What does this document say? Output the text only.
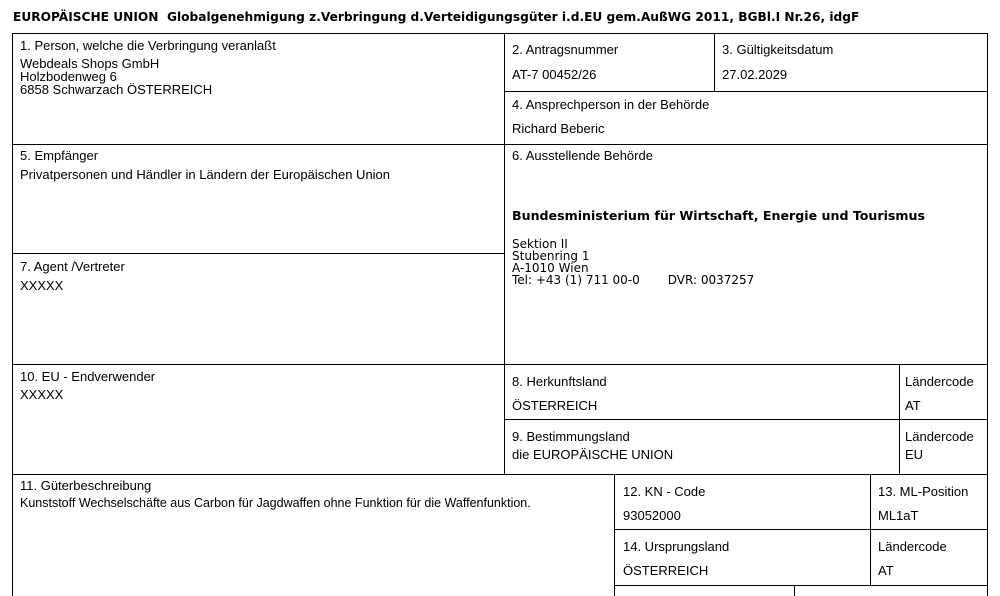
EUROPÄISCHE UNION Globalgenehmigung z.Verbringung d.Verteidigungsgüter i.d.EU gem.AußWG 2011, BGBl.I Nr.26, idgF
1. Person, welche die Verbringung veranlaßt
Webdeals Shops GmbH
Holzbodenweg 6
6858 Schwarzach ÖSTERREICH
2. Antragsnummer
AT-7 00452/26
3. Gültigkeitsdatum
27.02.2029
4. Ansprechperson in der Behörde
Richard Beberic
5. Empfänger
Privatpersonen und Händler in Ländern der Europäischen Union
6. Ausstellende Behörde
Bundesministerium für Wirtschaft, Energie und Tourismus
Sektion II
Stubenring 1
A-1010 Wien
Tel: +43 (1) 711 00-0 DVR: 0037257
7. Agent /Vertreter
XXXXX
10. EU - Endverwender
XXXXX
8. Herkunftsland
ÖSTERREICH
Ländercode
AT
9. Bestimmungsland
die EUROPÄISCHE UNION
Ländercode
EU
11. Güterbeschreibung
Kunststoff Wechselschäfte aus Carbon für Jagdwaffen ohne Funktion für die Waffenfunktion.
12. KN - Code
93052000
13. ML-Position
ML1aT
14. Ursprungsland
ÖSTERREICH
Ländercode
AT
